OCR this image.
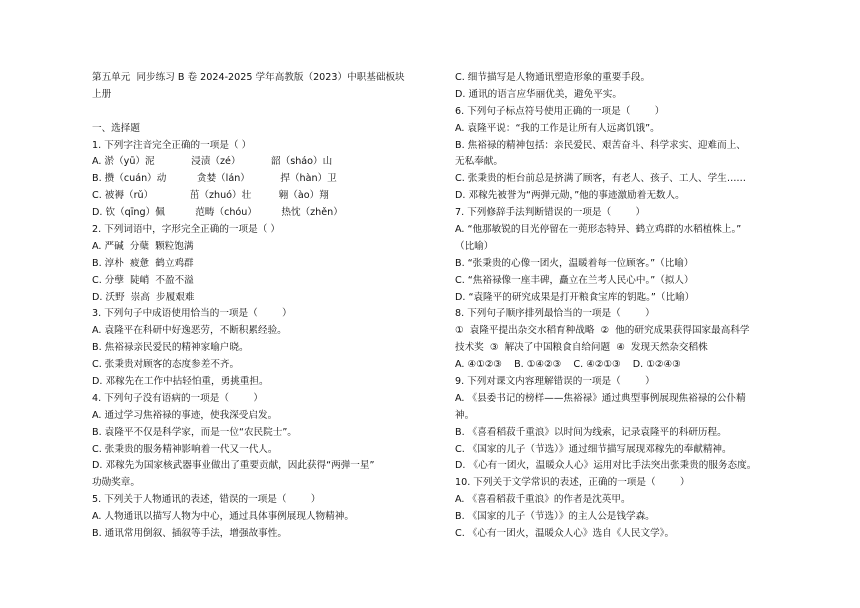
第五单元  同步练习 B 卷 2024-2025 学年高教版（2023）中职基础板块
上册
一、选择题
1. 下列字注音完全正确的一项是（ ）
A. 淤（yū）泥            浸渍（zé）          韶（sháo）山
B. 攒（cuán）动          贪婪（lán）          捍（hàn）卫
C. 被褥（rǔ）            茁（zhuó）壮         翱（ào）翔
D. 钦（qīng）佩          范畴（chóu）        热忱（zhěn）
2. 下列词语中，字形完全正确的一项是（ ）
A. 严碱  分蘖  颗粒饱满
B. 淳朴  疲惫  鹤立鸡群
C. 分孽  陡峭  不盈不溢
D. 沃野  崇高  步履艰难
3. 下列句子中成语使用恰当的一项是（        ）
A. 袁隆平在科研中好逸恶劳，不断积累经验。
B. 焦裕禄亲民爱民的精神家喻户晓。
C. 张秉贵对顾客的态度参差不齐。
D. 邓稼先在工作中拈轻怕重，勇挑重担。
4. 下列句子没有语病的一项是（        ）
A. 通过学习焦裕禄的事迹，使我深受启发。
B. 袁隆平不仅是科学家，而是一位“农民院士”。
C. 张秉贵的服务精神影响着一代又一代人。
D. 邓稼先为国家核武器事业做出了重要贡献，因此获得“两弹一星”
功勋奖章。
5. 下列关于人物通讯的表述，错误的一项是（        ）
A. 人物通讯以描写人物为中心，通过具体事例展现人物精神。
B. 通讯常用倒叙、插叙等手法，增强故事性。
C. 细节描写是人物通讯塑造形象的重要手段。
D. 通讯的语言应华丽优美，避免平实。
6. 下列句子标点符号使用正确的一项是（        ）
A. 袁隆平说：“我的工作是让所有人远离饥饿”。
B. 焦裕禄的精神包括：亲民爱民、艰苦奋斗、科学求实、迎难而上、
无私奉献。
C. 张秉贵的柜台前总是挤满了顾客，有老人、孩子、工人、学生……
D. 邓稼先被誉为“两弹元勋，”他的事迹激励着无数人。
7. 下列修辞手法判断错误的一项是（        ）
A. “他那敏锐的目光停留在一蔸形态特异、鹤立鸡群的水稻植株上。”
（比喻）
B. “张秉贵的心像一团火，温暖着每一位顾客。”（比喻）
C. “焦裕禄像一座丰碑，矗立在兰考人民心中。”（拟人）
D. “袁隆平的研究成果是打开粮食宝库的钥匙。”（比喻）
8. 下列句子顺序排列最恰当的一项是（        ）
①  袁隆平提出杂交水稻育种战略  ②  他的研究成果获得国家最高科学
技术奖  ③  解决了中国粮食自给问题  ④  发现天然杂交稻株
A. ④①②③    B. ①④②③    C. ④②①③    D. ①②④③
9. 下列对课文内容理解错误的一项是（        ）
A. 《县委书记的榜样——焦裕禄》通过典型事例展现焦裕禄的公仆精
神。
B. 《喜看稻菽千重浪》以时间为线索，记录袁隆平的科研历程。
C. 《国家的儿子（节选）》通过细节描写展现邓稼先的奉献精神。
D. 《心有一团火，温暖众人心》运用对比手法突出张秉贵的服务态度。
10. 下列关于文学常识的表述，正确的一项是（        ）
A. 《喜看稻菽千重浪》的作者是沈英甲。
B. 《国家的儿子（节选）》的主人公是钱学森。
C. 《心有一团火，温暖众人心》选自《人民文学》。
